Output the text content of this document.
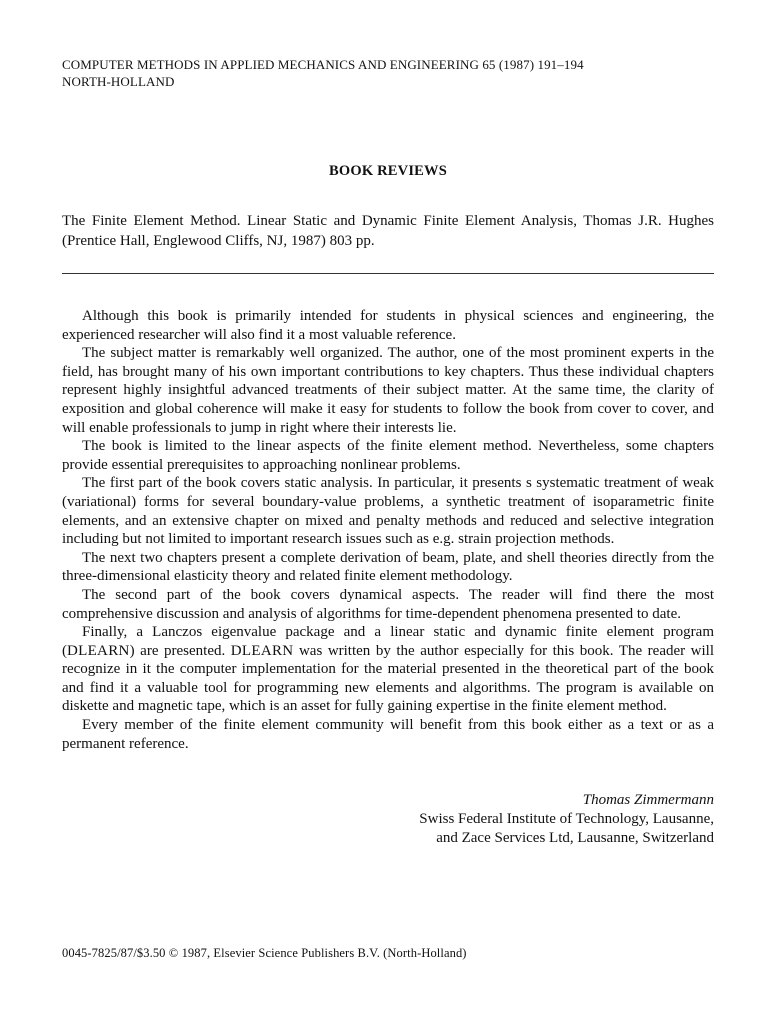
COMPUTER METHODS IN APPLIED MECHANICS AND ENGINEERING 65 (1987) 191–194
NORTH-HOLLAND
BOOK REVIEWS
The Finite Element Method. Linear Static and Dynamic Finite Element Analysis, Thomas J.R. Hughes (Prentice Hall, Englewood Cliffs, NJ, 1987) 803 pp.

Although this book is primarily intended for students in physical sciences and engineering, the experienced researcher will also find it a most valuable reference.

The subject matter is remarkably well organized. The author, one of the most prominent experts in the field, has brought many of his own important contributions to key chapters. Thus these individual chapters represent highly insightful advanced treatments of their subject matter. At the same time, the clarity of exposition and global coherence will make it easy for students to follow the book from cover to cover, and will enable professionals to jump in right where their interests lie.

The book is limited to the linear aspects of the finite element method. Nevertheless, some chapters provide essential prerequisites to approaching nonlinear problems.

The first part of the book covers static analysis. In particular, it presents s systematic treatment of weak (variational) forms for several boundary-value problems, a synthetic treatment of isoparametric finite elements, and an extensive chapter on mixed and penalty methods and reduced and selective integration including but not limited to important research issues such as e.g. strain projection methods.

The next two chapters present a complete derivation of beam, plate, and shell theories directly from the three-dimensional elasticity theory and related finite element methodology.

The second part of the book covers dynamical aspects. The reader will find there the most comprehensive discussion and analysis of algorithms for time-dependent phenomena presented to date.

Finally, a Lanczos eigenvalue package and a linear static and dynamic finite element program (DLEARN) are presented. DLEARN was written by the author especially for this book. The reader will recognize in it the computer implementation for the material presented in the theoretical part of the book and find it a valuable tool for programming new elements and algorithms. The program is available on diskette and magnetic tape, which is an asset for fully gaining expertise in the finite element method.

Every member of the finite element community will benefit from this book either as a text or as a permanent reference.

Thomas Zimmermann
Swiss Federal Institute of Technology, Lausanne,
and Zace Services Ltd, Lausanne, Switzerland
0045-7825/87/$3.50 © 1987, Elsevier Science Publishers B.V. (North-Holland)
